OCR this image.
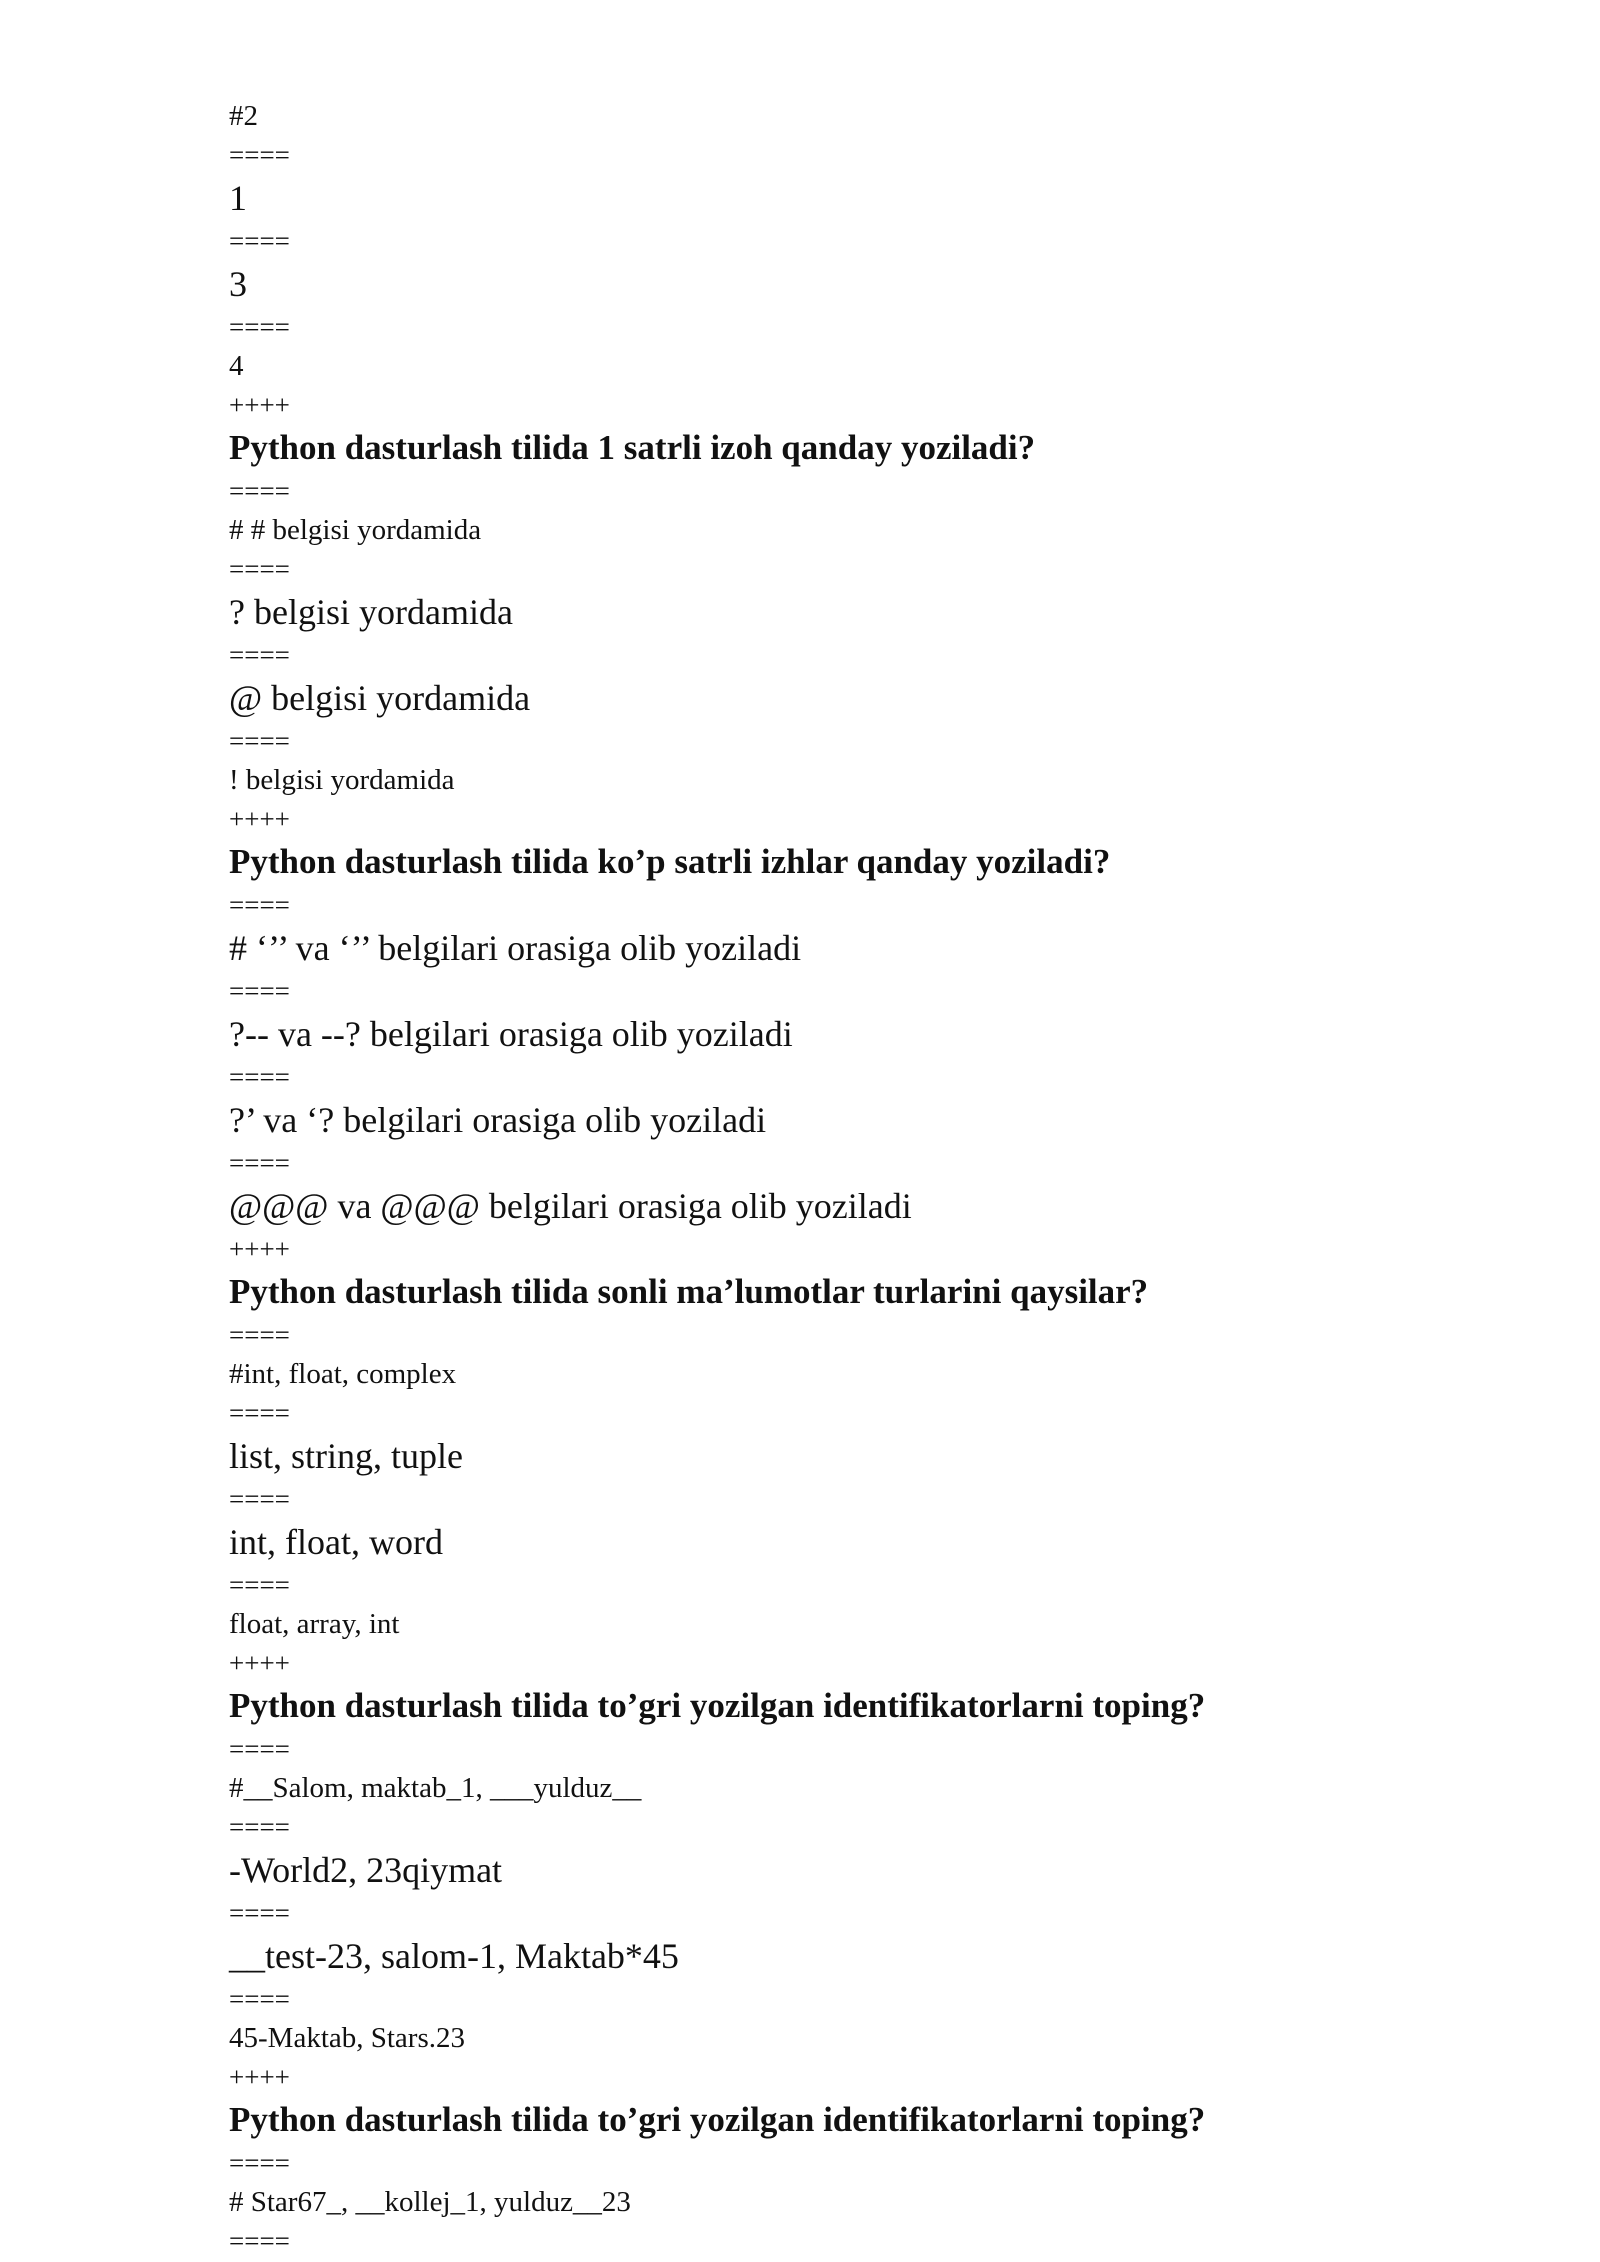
#2
====
1
====
3
====
4
++++
Python dasturlash tilida 1 satrli izoh qanday yoziladi?
====
# # belgisi yordamida
====
? belgisi yordamida
====
@ belgisi yordamida
====
! belgisi yordamida
++++
Python dasturlash tilida ko’p satrli izhlar qanday yoziladi?
====
# ‘’’ va ‘’’ belgilari orasiga olib yoziladi
====
?-- va --? belgilari orasiga olib yoziladi
====
?’ va ‘? belgilari orasiga olib yoziladi
====
@@@ va @@@ belgilari orasiga olib yoziladi
++++
Python dasturlash tilida sonli ma’lumotlar turlarini qaysilar?
====
#int, float, complex
====
list, string, tuple
====
int, float, word
====
float, array, int
++++
Python dasturlash tilida to’gri yozilgan identifikatorlarni toping?
====
#__Salom, maktab_1, ___yulduz__
====
-World2, 23qiymat
====
__test-23, salom-1, Maktab*45
====
45-Maktab, Stars.23
++++
Python dasturlash tilida to’gri yozilgan identifikatorlarni toping?
====
# Star67_, __kollej_1, yulduz__23
====
